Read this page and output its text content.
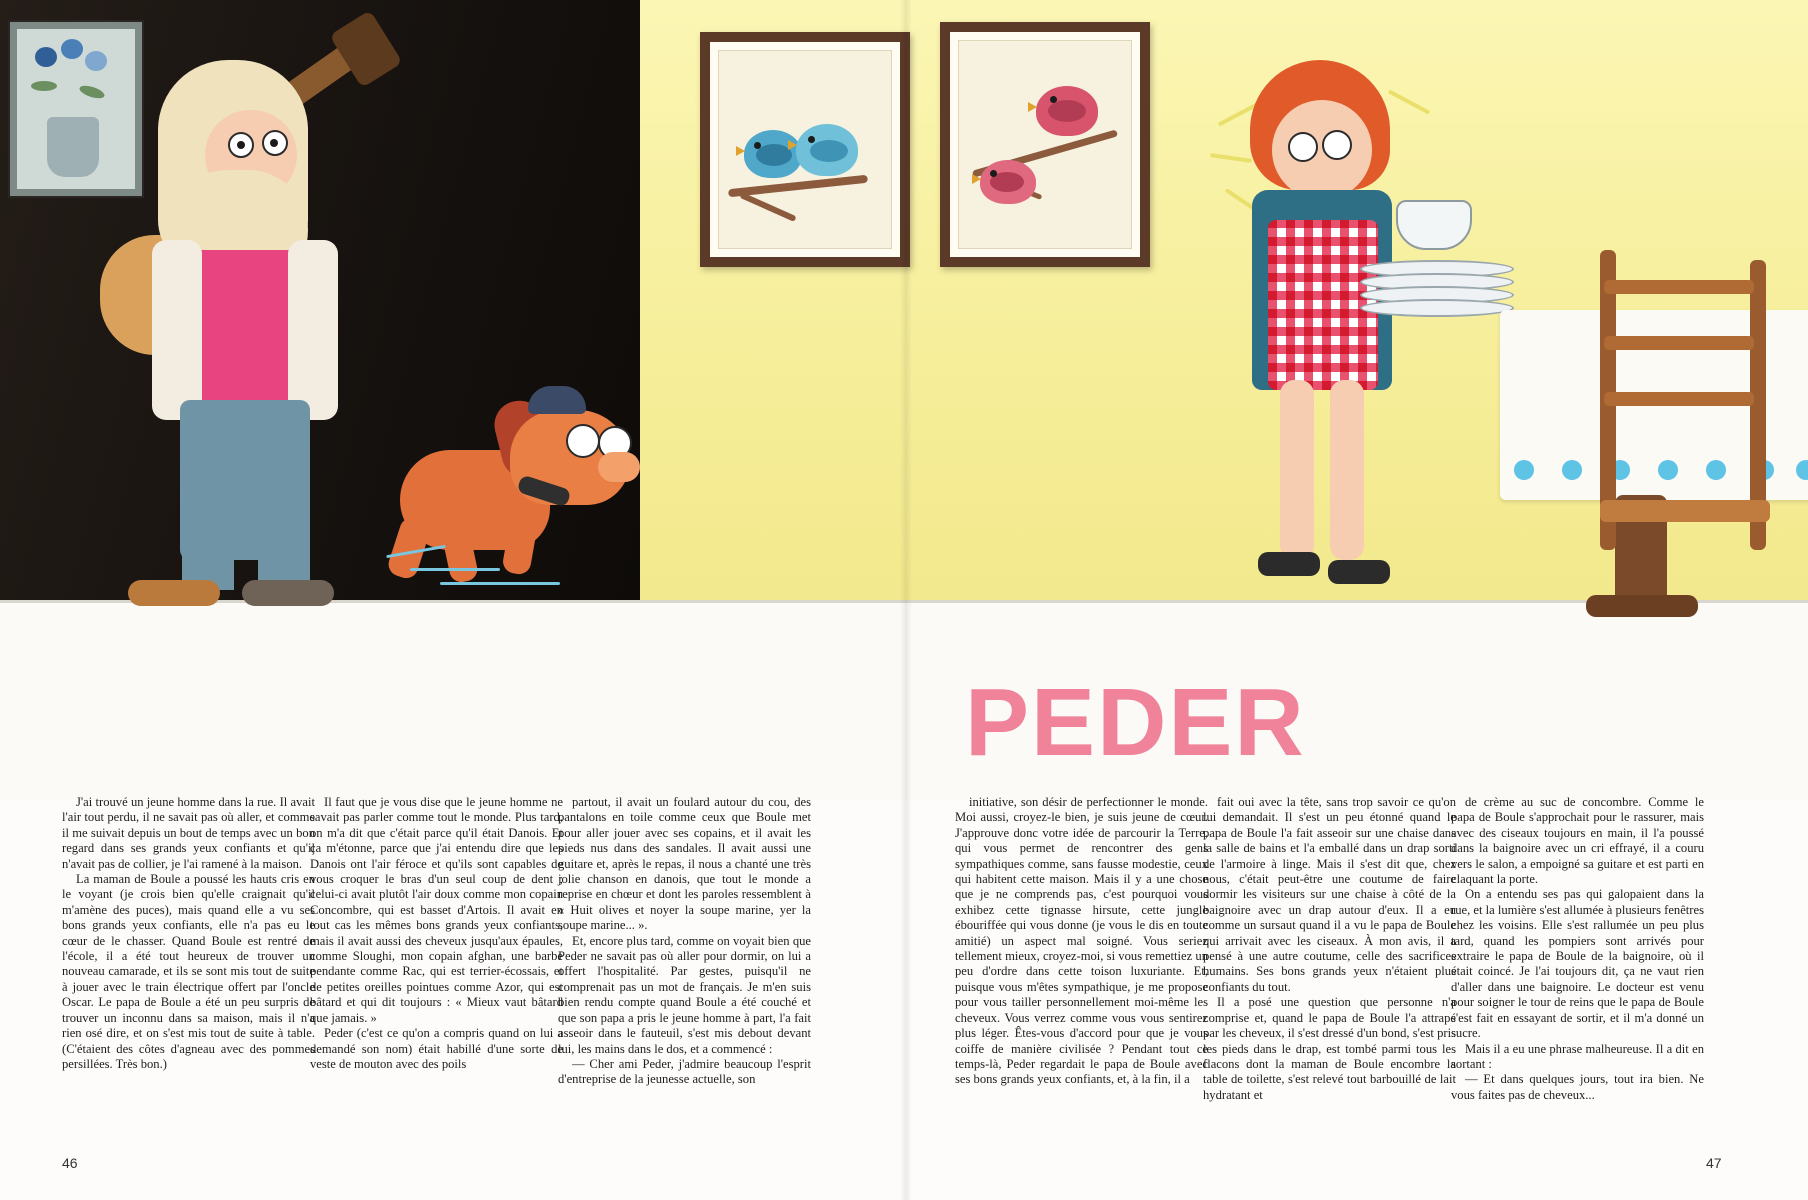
PEDER

J'ai trouvé un jeune homme dans la rue. Il avait l'air tout perdu, il ne savait pas où aller, et comme il me suivait depuis un bout de temps avec un bon regard dans ses grands yeux confiants et qu'il n'avait pas de collier, je l'ai ramené à la maison.

La maman de Boule a poussé les hauts cris en le voyant (je crois bien qu'elle craignait qu'il m'amène des puces), mais quand elle a vu ses bons grands yeux confiants, elle n'a pas eu le cœur de le chasser. Quand Boule est rentré de l'école, il a été tout heureux de trouver un nouveau camarade, et ils se sont mis tout de suite à jouer avec le train électrique offert par l'oncle Oscar. Le papa de Boule a été un peu surpris de trouver un inconnu dans sa maison, mais il n'a rien osé dire, et on s'est mis tout de suite à table. (C'étaient des côtes d'agneau avec des pommes persillées. Très bon.)

Il faut que je vous dise que le jeune homme ne savait pas parler comme tout le monde. Plus tard, on m'a dit que c'était parce qu'il était Danois. Et ça m'étonne, parce que j'ai entendu dire que les Danois ont l'air féroce et qu'ils sont capables de vous croquer le bras d'un seul coup de dent ; celui-ci avait plutôt l'air doux comme mon copain Concombre, qui est basset d'Artois. Il avait en tout cas les mêmes bons grands yeux confiants, mais il avait aussi des cheveux jusqu'aux épaules, comme Sloughi, mon copain afghan, une barbe pendante comme Rac, qui est terrier-écossais, et de petites oreilles pointues comme Azor, qui est bâtard et qui dit toujours : « Mieux vaut bâtard que jamais. »

Peder (c'est ce qu'on a compris quand on lui a demandé son nom) était habillé d'une sorte de veste de mouton avec des poils

partout, il avait un foulard autour du cou, des pantalons en toile comme ceux que Boule met pour aller jouer avec ses copains, et il avait les pieds nus dans des sandales. Il avait aussi une guitare et, après le repas, il nous a chanté une très jolie chanson en danois, que tout le monde a reprise en chœur et dont les paroles ressemblent à « Huit olives et noyer la soupe marine, yer la soupe marine... ».

Et, encore plus tard, comme on voyait bien que Peder ne savait pas où aller pour dormir, on lui a offert l'hospitalité. Par gestes, puisqu'il ne comprenait pas un mot de français. Je m'en suis bien rendu compte quand Boule a été couché et que son papa a pris le jeune homme à part, l'a fait asseoir dans le fauteuil, s'est mis debout devant lui, les mains dans le dos, et a commencé :

— Cher ami Peder, j'admire beaucoup l'esprit d'entreprise de la jeunesse actuelle, son

initiative, son désir de perfectionner le monde. Moi aussi, croyez-le bien, je suis jeune de cœur. J'approuve donc votre idée de parcourir la Terre, qui vous permet de rencontrer des gens sympathiques comme, sans fausse modestie, ceux qui habitent cette maison. Mais il y a une chose que je ne comprends pas, c'est pourquoi vous exhibez cette tignasse hirsute, cette jungle ébouriffée qui vous donne (je vous le dis en toute amitié) un aspect mal soigné. Vous seriez tellement mieux, croyez-moi, si vous remettiez un peu d'ordre dans cette toison luxuriante. Et, puisque vous m'êtes sympathique, je me propose pour vous tailler personnellement moi-même les cheveux. Vous verrez comme vous vous sentirez plus léger. Êtes-vous d'accord pour que je vous coiffe de manière civilisée ? Pendant tout ce temps-là, Peder regardait le papa de Boule avec ses bons grands yeux confiants, et, à la fin, il a

fait oui avec la tête, sans trop savoir ce qu'on lui demandait. Il s'est un peu étonné quand le papa de Boule l'a fait asseoir sur une chaise dans la salle de bains et l'a emballé dans un drap sorti de l'armoire à linge. Mais il s'est dit que, chez nous, c'était peut-être une coutume de faire dormir les visiteurs sur une chaise à côté de la baignoire avec un drap autour d'eux. Il a eu comme un sursaut quand il a vu le papa de Boule qui arrivait avec les ciseaux. À mon avis, il a pensé à une autre coutume, celle des sacrifices humains. Ses bons grands yeux n'étaient plus confiants du tout.

Il a posé une question que personne n'a comprise et, quand le papa de Boule l'a attrapé par les cheveux, il s'est dressé d'un bond, s'est pris les pieds dans le drap, est tombé parmi tous les flacons dont la maman de Boule encombre la table de toilette, s'est relevé tout barbouillé de lait hydratant et

de crème au suc de concombre. Comme le papa de Boule s'approchait pour le rassurer, mais avec des ciseaux toujours en main, il l'a poussé dans la baignoire avec un cri effrayé, il a couru vers le salon, a empoigné sa guitare et est parti en claquant la porte.

On a entendu ses pas qui galopaient dans la rue, et la lumière s'est allumée à plusieurs fenêtres chez les voisins. Elle s'est rallumée un peu plus tard, quand les pompiers sont arrivés pour extraire le papa de Boule de la baignoire, où il était coincé. Je l'ai toujours dit, ça ne vaut rien d'aller dans une baignoire. Le docteur est venu pour soigner le tour de reins que le papa de Boule s'est fait en essayant de sortir, et il m'a donné un sucre.

Mais il a eu une phrase malheureuse. Il a dit en sortant :

— Et dans quelques jours, tout ira bien. Ne vous faites pas de cheveux...

46	47
